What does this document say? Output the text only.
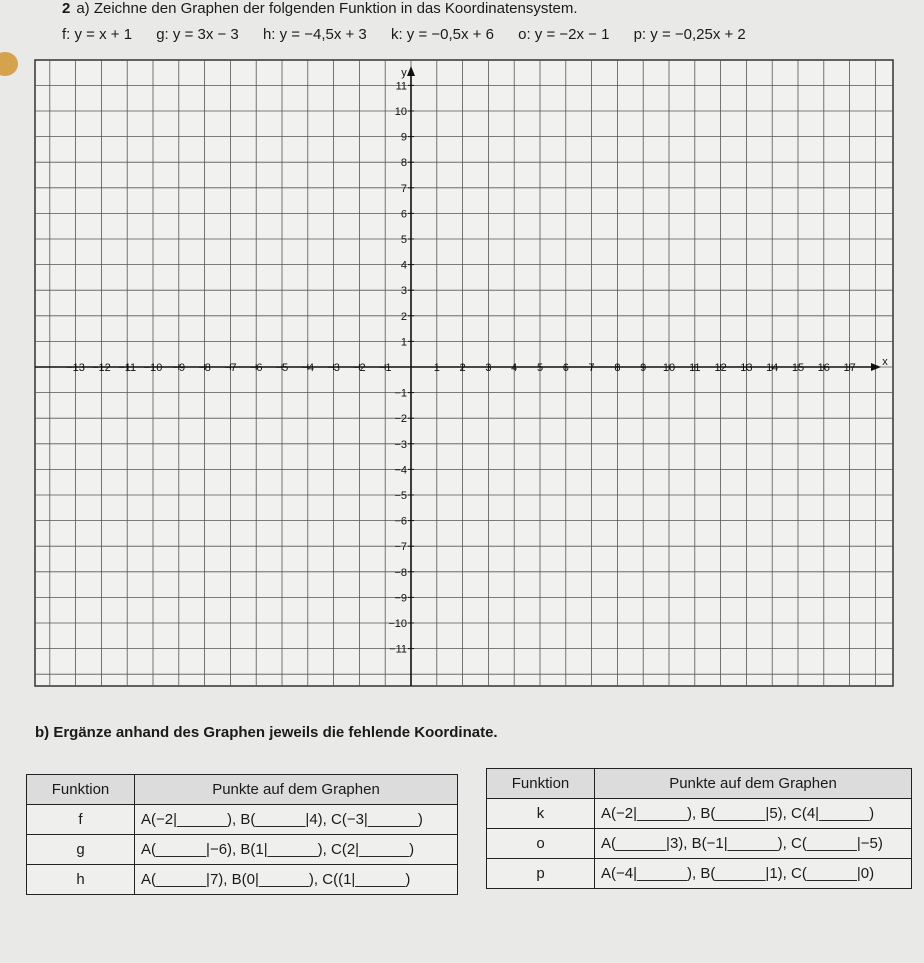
2 a) Zeichne den Graphen der folgenden Funktion in das Koordinatensystem.
f: y = x + 1 g: y = 3x − 3 h: y = −4,5x + 3 k: y = −0,5x + 6 o: y = −2x − 1 p: y = −0,25x + 2
x
y
−13 −12 −11 −10 −9 −8 −7 −6 −5 −4 −3 −2 −1	1 2 3 4 5 6 7 8 9 10 11 12 13 14 15 16 17
11
10
9
8
7
6
5
4
3
2
1
−1
−2
−3
−4
−5
−6
−7
−8
−9
−10
−11
b) Ergänze anhand des Graphen jeweils die fehlende Koordinate.
Funktion	Punkte auf dem Graphen
f	A(−2|______), B(______|4), C(−3|______)
g	A(______|−6), B(1|______), C(2|______)
h	A(______|7), B(0|______), C((1|______)
Funktion	Punkte auf dem Graphen
k	A(−2|______), B(______|5), C(4|______)
o	A(______|3), B(−1|______), C(______|−5)
p	A(−4|______), B(______|1), C(______|0)
